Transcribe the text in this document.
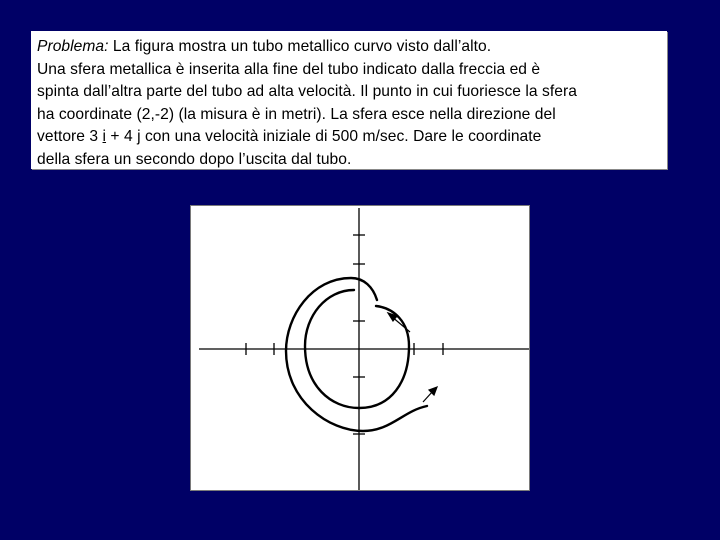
Problema: La figura mostra un tubo metallico curvo visto dall’alto.
Una sfera metallica è inserita alla fine del tubo indicato dalla freccia ed è
spinta dall’altra parte del tubo ad alta velocità. Il punto in cui fuoriesce la sfera
ha coordinate (2,-2) (la misura è in metri). La sfera esce nella direzione del
vettore 3 i + 4 j con una velocità iniziale di 500 m/sec. Dare le coordinate
della sfera un secondo dopo l’uscita dal tubo.
